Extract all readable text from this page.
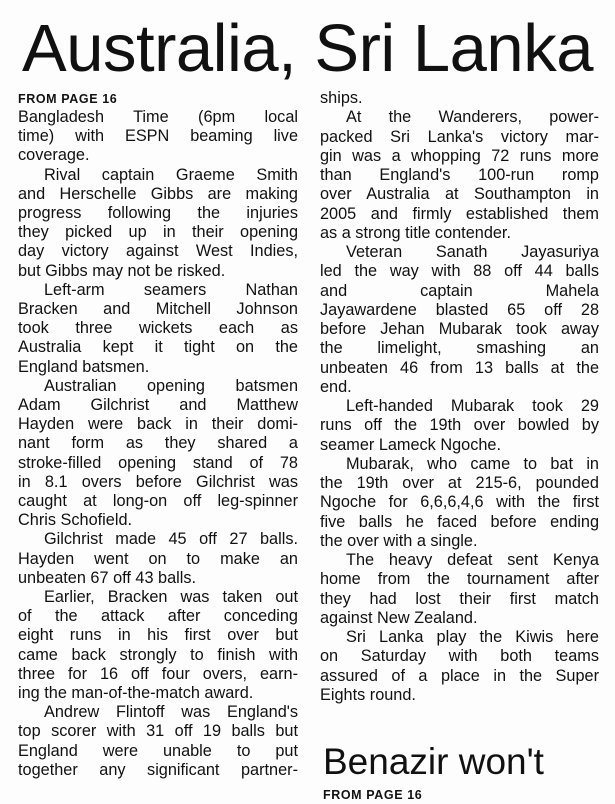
Australia, Sri Lanka
FROM PAGE 16
Bangladesh Time (6pm local
time) with ESPN beaming live
coverage.
Rival captain Graeme Smith
and Herschelle Gibbs are making
progress following the injuries
they picked up in their opening
day victory against West Indies,
but Gibbs may not be risked.
Left-arm seamers Nathan
Bracken and Mitchell Johnson
took three wickets each as
Australia kept it tight on the
England batsmen.
Australian opening batsmen
Adam Gilchrist and Matthew
Hayden were back in their domi-
nant form as they shared a
stroke-filled opening stand of 78
in 8.1 overs before Gilchrist was
caught at long-on off leg-spinner
Chris Schofield.
Gilchrist made 45 off 27 balls.
Hayden went on to make an
unbeaten 67 off 43 balls.
Earlier, Bracken was taken out
of the attack after conceding
eight runs in his first over but
came back strongly to finish with
three for 16 off four overs, earn-
ing the man-of-the-match award.
Andrew Flintoff was England's
top scorer with 31 off 19 balls but
England were unable to put
together any significant partner-
ships.
At the Wanderers, power-
packed Sri Lanka's victory mar-
gin was a whopping 72 runs more
than England's 100-run romp
over Australia at Southampton in
2005 and firmly established them
as a strong title contender.
Veteran Sanath Jayasuriya
led the way with 88 off 44 balls
and captain Mahela
Jayawardene blasted 65 off 28
before Jehan Mubarak took away
the limelight, smashing an
unbeaten 46 from 13 balls at the
end.
Left-handed Mubarak took 29
runs off the 19th over bowled by
seamer Lameck Ngoche.
Mubarak, who came to bat in
the 19th over at 215-6, pounded
Ngoche for 6,6,6,4,6 with the first
five balls he faced before ending
the over with a single.
The heavy defeat sent Kenya
home from the tournament after
they had lost their first match
against New Zealand.
Sri Lanka play the Kiwis here
on Saturday with both teams
assured of a place in the Super
Eights round.
Benazir won't
FROM PAGE 16
